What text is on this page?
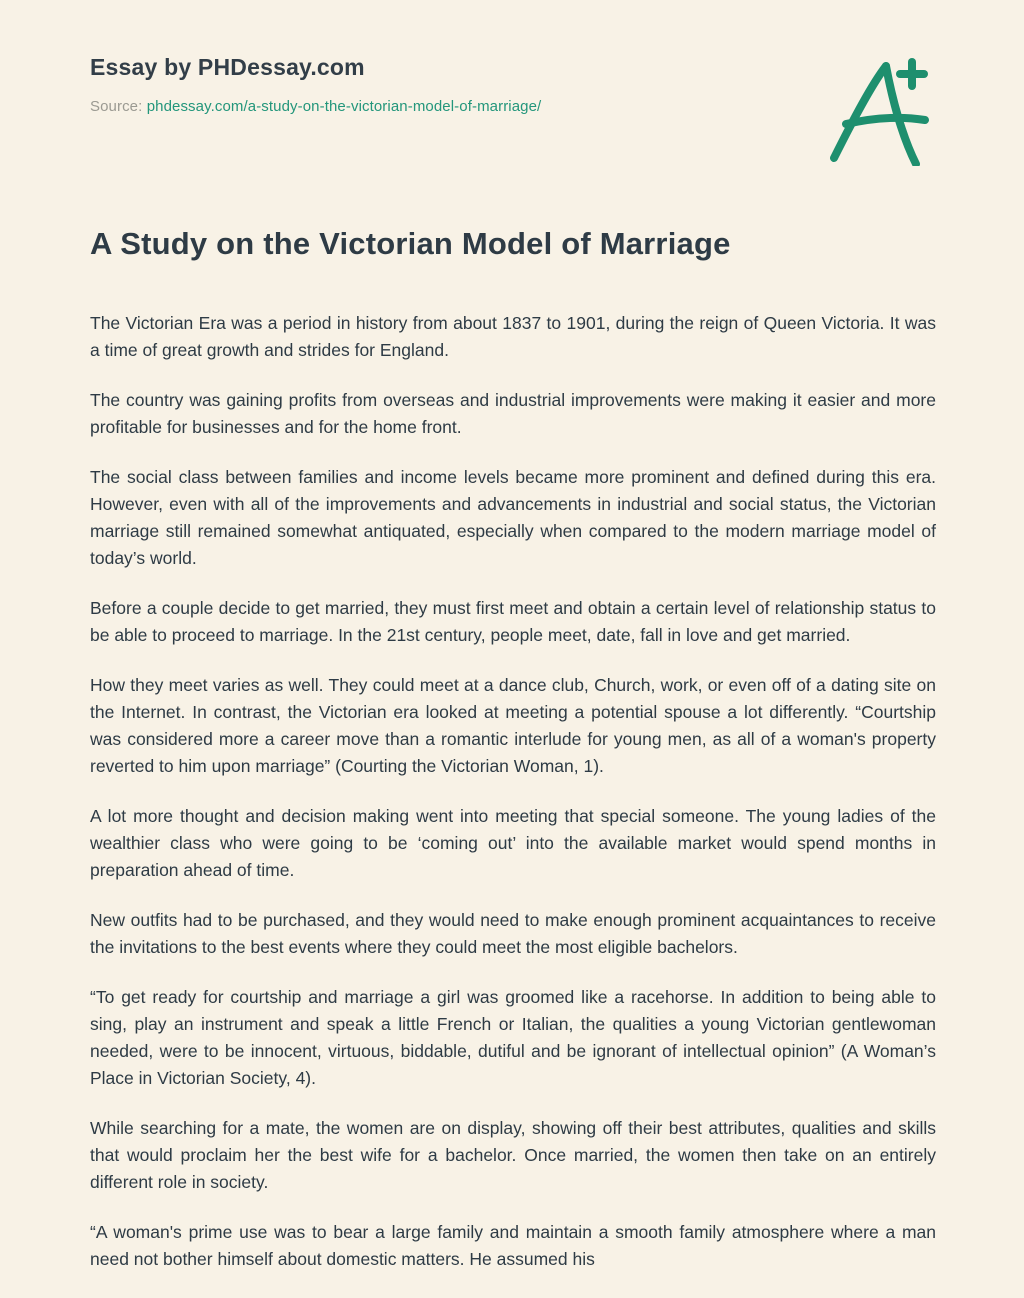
Essay by PHDessay.com
Source: phdessay.com/a-study-on-the-victorian-model-of-marriage/
A Study on the Victorian Model of Marriage

The Victorian Era was a period in history from about 1837 to 1901, during the reign of Queen Victoria. It was a time of great growth and strides for England.

The country was gaining profits from overseas and industrial improvements were making it easier and more profitable for businesses and for the home front.

The social class between families and income levels became more prominent and defined during this era. However, even with all of the improvements and advancements in industrial and social status, the Victorian marriage still remained somewhat antiquated, especially when compared to the modern marriage model of today’s world.

Before a couple decide to get married, they must first meet and obtain a certain level of relationship status to be able to proceed to marriage. In the 21st century, people meet, date, fall in love and get married.

How they meet varies as well. They could meet at a dance club, Church, work, or even off of a dating site on the Internet. In contrast, the Victorian era looked at meeting a potential spouse a lot differently. “Courtship was considered more a career move than a romantic interlude for young men, as all of a woman's property reverted to him upon marriage” (Courting the Victorian Woman, 1).

A lot more thought and decision making went into meeting that special someone. The young ladies of the wealthier class who were going to be ‘coming out’ into the available market would spend months in preparation ahead of time.

New outfits had to be purchased, and they would need to make enough prominent acquaintances to receive the invitations to the best events where they could meet the most eligible bachelors.

“To get ready for courtship and marriage a girl was groomed like a racehorse. In addition to being able to sing, play an instrument and speak a little French or Italian, the qualities a young Victorian gentlewoman needed, were to be innocent, virtuous, biddable, dutiful and be ignorant of intellectual opinion” (A Woman’s Place in Victorian Society, 4).

While searching for a mate, the women are on display, showing off their best attributes, qualities and skills that would proclaim her the best wife for a bachelor. Once married, the women then take on an entirely different role in society.

“A woman's prime use was to bear a large family and maintain a smooth family atmosphere where a man need not bother himself about domestic matters. He assumed his
